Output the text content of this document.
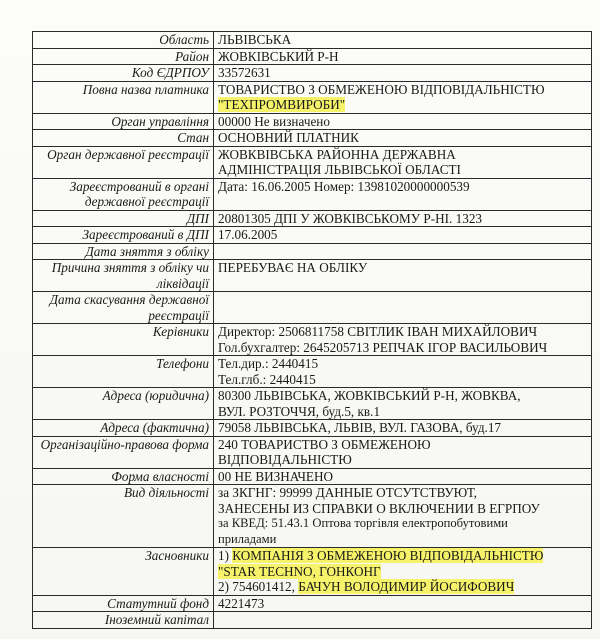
Область	ЛЬВІВСЬКА

Район	ЖОВКІВСЬКИЙ Р-Н

Код ЄДРПОУ	33572631

Повна назва платника	ТОВАРИСТВО З ОБМЕЖЕНОЮ ВІДПОВІДАЛЬНІСТЮ
"ТЕХПРОМВИРОБИ"

Орган управління	00000 Не визначено

Стан	ОСНОВНИЙ ПЛАТНИК

Орган державної реєстрації	ЖОВКВІВСЬКА РАЙОННА ДЕРЖАВНА
АДМІНІСТРАЦІЯ ЛЬВІВСЬКОЇ ОБЛАСТІ

Зареєстрований в органі державної реєстрації	Дата: 16.06.2005 Номер: 13981020000000539

ДПІ	20801305 ДПІ У ЖОВКІВСЬКОМУ Р-НІ. 1323

Зареєстрований в ДПІ	17.06.2005

Дата зняття з обліку	
Причина зняття з обліку чи ліквідації	ПЕРЕБУВАЄ НА ОБЛІКУ

Дата скасування державної реєстрації	
Керівники	Директор: 2506811758 СВІТЛИК ІВАН МИХАЙЛОВИЧ
Гол.бухгалтер: 2645205713 РЕПЧАК ІГОР ВАСИЛЬОВИЧ

Телефони	Тел.дир.: 2440415
Тел.глб.: 2440415

Адреса (юридична)	80300 ЛЬВІВСЬКА, ЖОВКІВСЬКИЙ Р-Н, ЖОВКВА,
ВУЛ. РОЗТОЧЧЯ, буд.5, кв.1

Адреса (фактична)	79058 ЛЬВІВСЬКА, ЛЬВІВ, ВУЛ. ГАЗОВА, буд.17

Організаційно-правова форма	240 ТОВАРИСТВО З ОБМЕЖЕНОЮ
ВІДПОВІДАЛЬНІСТЮ

Форма власності	00 НЕ ВИЗНАЧЕНО

Вид діяльності	за ЗКГНГ: 99999 ДАННЫЕ ОТСУТСТВУЮТ,
ЗАНЕСЕНЫ ИЗ СПРАВКИ О ВКЛЮЧЕНИИ В ЕГРПОУ
за КВЕД: 51.43.1 Оптова торгівля електропобутовими
приладами

Засновники	1) КОМПАНІЯ З ОБМЕЖЕНОЮ ВІДПОВІДАЛЬНІСТЮ
"STAR TECHNO, ГОНКОНГ
2) 754601412, БАЧУН ВОЛОДИМИР ЙОСИФОВИЧ

Статутний фонд	4221473

Іноземний капітал	
